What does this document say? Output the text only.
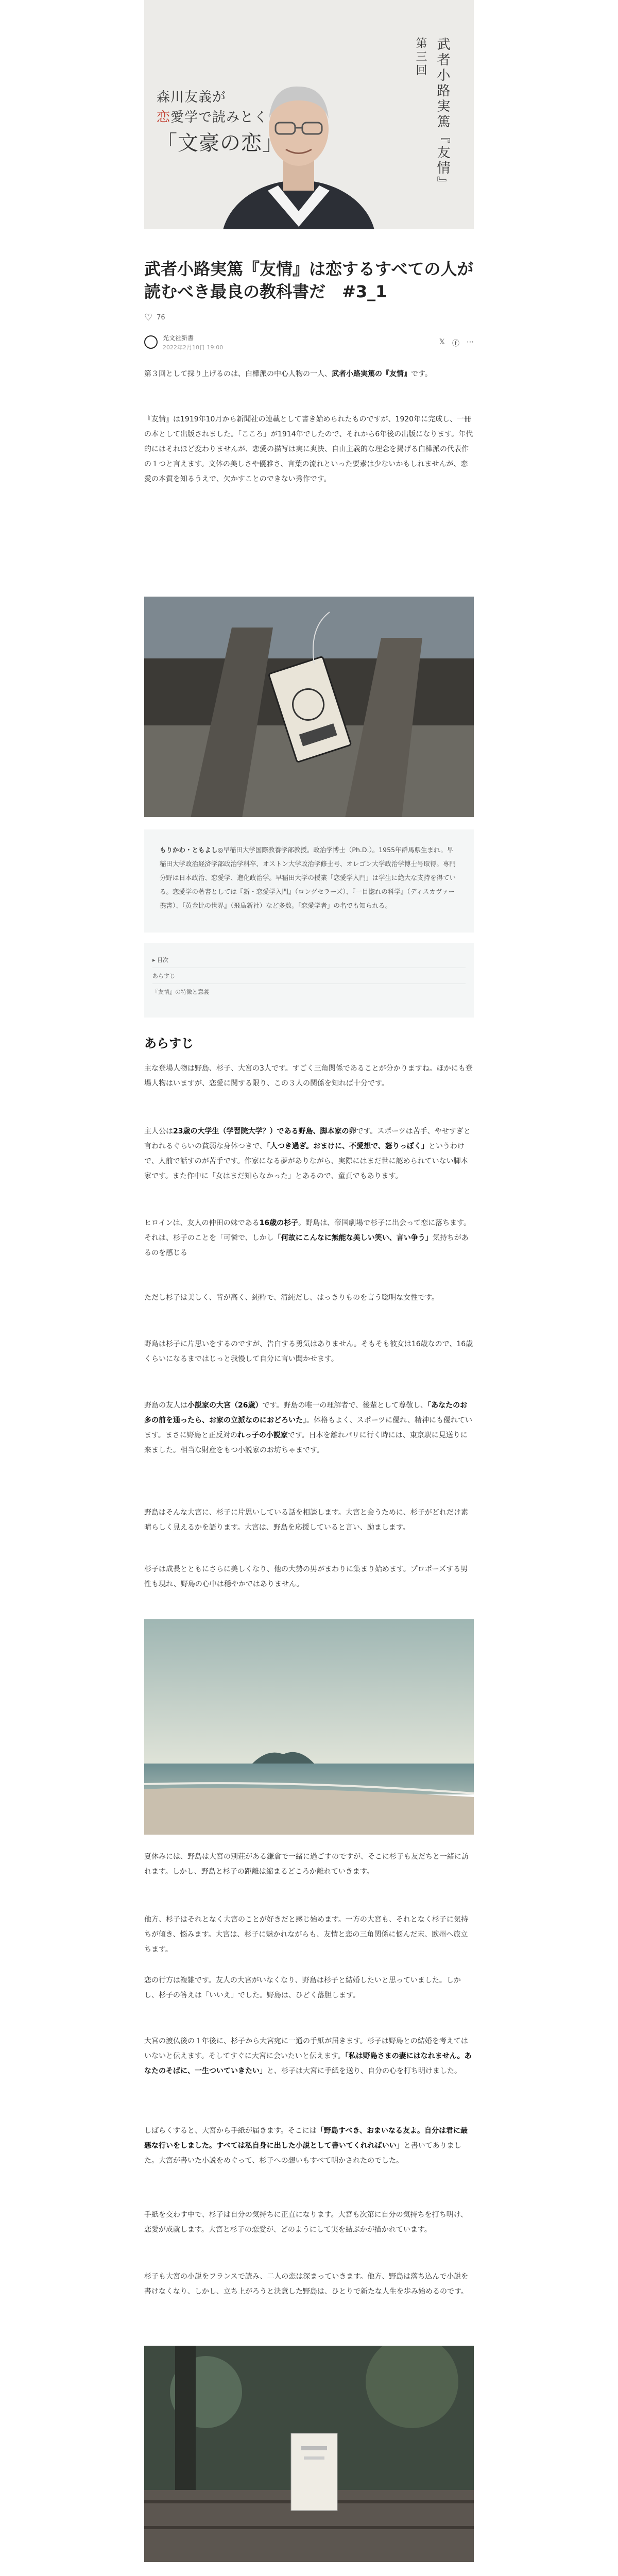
森川友義が
恋愛学で読みとく
「文豪の恋」
第三回 武者小路実篤『友情』
武者小路実篤『友情』は恋するすべての人が読むべき最良の教科書だ　#3_1
♡ 76
光文社新書
2022年2月10日 19:00
𝕏 ⓕ ⋯

第３回として採り上げるのは、白樺派の中心人物の一人、武者小路実篤の『友情』です。

『友情』は1919年10月から新聞社の連載として書き始められたものですが、1920年に完成し、一冊の本として出版されました。「こころ」が1914年でしたので、それから6年後の出版になります。年代的にはそれほど変わりませんが、恋愛の描写は実に爽快、自由主義的な理念を掲げる白樺派の代表作の１つと言えます。文体の美しさや優雅さ、言葉の流れといった要素は少ないかもしれませんが、恋愛の本質を知るうえで、欠かすことのできない秀作です。

もりかわ・ともよし◎早稲田大学国際教養学部教授。政治学博士（Ph.D.）。1955年群馬県生まれ。早稲田大学政治経済学部政治学科卒、オストン大学政治学修士号、オレゴン大学政治学博士号取得。専門分野は日本政治、恋愛学、進化政治学。早稲田大学の授業「恋愛学入門」は学生に絶大な支持を得ている。恋愛学の著書としては『新・恋愛学入門』（ロングセラーズ）、『一目惚れの科学』（ディスカヴァー携書）、『黄金比の世界』（飛鳥新社）など多数。「恋愛学者」の名でも知られる。
▸ 目次
あらすじ
『友情』の特徴と意義
あらすじ

主な登場人物は野島、杉子、大宮の3人です。すごく三角関係であることが分かりますね。ほかにも登場人物はいますが、恋愛に関する限り、この３人の関係を知れば十分です。

主人公は23歳の大学生（学習院大学？）である野島、脚本家の卵です。スポーツは苦手、やせすぎと言われるぐらいの貧弱な身体つきで、「人つき過ぎ。おまけに、不愛想で、怒りっぽく」というわけで、人前で話すのが苦手です。作家になる夢がありながら、実際にはまだ世に認められていない脚本家です。また作中に「女はまだ知らなかった」とあるので、童貞でもあります。

ヒロインは、友人の仲田の妹である16歳の杉子。野島は、帝国劇場で杉子に出会って恋に落ちます。それは、杉子のことを「可憐で、しかし「何故にこんなに無能な美しい笑い、言い争う」気持ちがあるのを感じる

ただし杉子は美しく、背が高く、純粋で、清純だし、はっきりものを言う聡明な女性です。

野島は杉子に片思いをするのですが、告白する勇気はありません。そもそも彼女は16歳なので、16歳くらいになるまではじっと我慢して自分に言い聞かせます。

野島の友人は小説家の大宮（26歳）です。野島の唯一の理解者で、後輩として尊敬し、「あなたのお多の前を通ったら、お家の立派なのにおどろいた」。体格もよく、スポーツに優れ、精神にも優れています。まさに野島と正反対のれっ子の小説家です。日本を離れパリに行く時には、東京駅に見送りに来ました。相当な財産をもつ小説家のお坊ちゃまです。

野島はそんな大宮に、杉子に片思いしている話を相談します。大宮と会うために、杉子がどれだけ素晴らしく見えるかを語ります。大宮は、野島を応援していると言い、励まします。

杉子は成長とともにさらに美しくなり、他の大勢の男がまわりに集まり始めます。プロポーズする男性も現れ、野島の心中は穏やかではありません。

夏休みには、野島は大宮の別荘がある鎌倉で一緒に過ごすのですが、そこに杉子も友だちと一緒に訪れます。しかし、野島と杉子の距離は縮まるどころか離れていきます。

他方、杉子はそれとなく大宮のことが好きだと感じ始めます。一方の大宮も、それとなく杉子に気持ちが傾き、悩みます。大宮は、杉子に魅かれながらも、友情と恋の三角関係に悩んだ末、欧州へ旅立ちます。

恋の行方は複雑です。友人の大宮がいなくなり、野島は杉子と結婚したいと思っていました。しかし、杉子の答えは「いいえ」でした。野島は、ひどく落胆します。

大宮の渡仏後の１年後に、杉子から大宮宛に一通の手紙が届きます。杉子は野島との結婚を考えてはいないと伝えます。そしてすぐに大宮に会いたいと伝えます。「私は野島さまの妻にはなれません。あなたのそばに、一生ついていきたい」と、杉子は大宮に手紙を送り、自分の心を打ち明けました。

しばらくすると、大宮から手紙が届きます。そこには「野島すべき、おまいなる友よ。自分は君に最悪な行いをしました。すべては私自身に出した小説として書いてくれればいい」と書いてありました。大宮が書いた小説をめぐって、杉子への想いもすべて明かされたのでした。

手紙を交わす中で、杉子は自分の気持ちに正直になります。大宮も次第に自分の気持ちを打ち明け、恋愛が成就します。大宮と杉子の恋愛が、どのようにして実を結ぶかが描かれています。

杉子も大宮の小説をフランスで読み、二人の恋は深まっていきます。他方、野島は落ち込んで小説を書けなくなり、しかし、立ち上がろうと決意した野島は、ひとりで新たな人生を歩み始めるのです。
